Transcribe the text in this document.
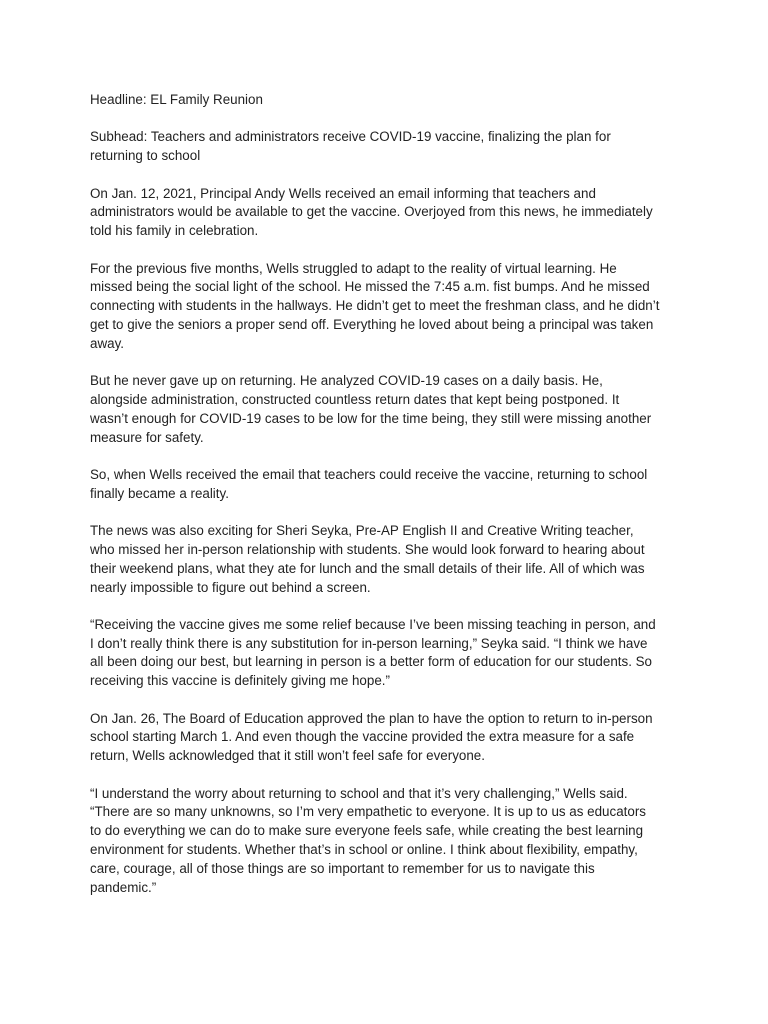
Headline: EL Family Reunion

Subhead: Teachers and administrators receive COVID-19 vaccine, finalizing the plan for
returning to school

On Jan. 12, 2021, Principal Andy Wells received an email informing that teachers and
administrators would be available to get the vaccine. Overjoyed from this news, he immediately
told his family in celebration.

For the previous five months, Wells struggled to adapt to the reality of virtual learning. He
missed being the social light of the school. He missed the 7:45 a.m. fist bumps. And he missed
connecting with students in the hallways. He didn’t get to meet the freshman class, and he didn’t
get to give the seniors a proper send off. Everything he loved about being a principal was taken
away.

But he never gave up on returning. He analyzed COVID-19 cases on a daily basis. He,
alongside administration, constructed countless return dates that kept being postponed. It
wasn’t enough for COVID-19 cases to be low for the time being, they still were missing another
measure for safety.

So, when Wells received the email that teachers could receive the vaccine, returning to school
finally became a reality.

The news was also exciting for Sheri Seyka, Pre-AP English II and Creative Writing teacher,
who missed her in-person relationship with students. She would look forward to hearing about
their weekend plans, what they ate for lunch and the small details of their life. All of which was
nearly impossible to figure out behind a screen.

“Receiving the vaccine gives me some relief because I’ve been missing teaching in person, and
I don’t really think there is any substitution for in-person learning,” Seyka said. “I think we have
all been doing our best, but learning in person is a better form of education for our students. So
receiving this vaccine is definitely giving me hope.”

On Jan. 26, The Board of Education approved the plan to have the option to return to in-person
school starting March 1. And even though the vaccine provided the extra measure for a safe
return, Wells acknowledged that it still won’t feel safe for everyone.

“I understand the worry about returning to school and that it’s very challenging,” Wells said.
“There are so many unknowns, so I’m very empathetic to everyone. It is up to us as educators
to do everything we can do to make sure everyone feels safe, while creating the best learning
environment for students. Whether that’s in school or online. I think about flexibility, empathy,
care, courage, all of those things are so important to remember for us to navigate this
pandemic.”
